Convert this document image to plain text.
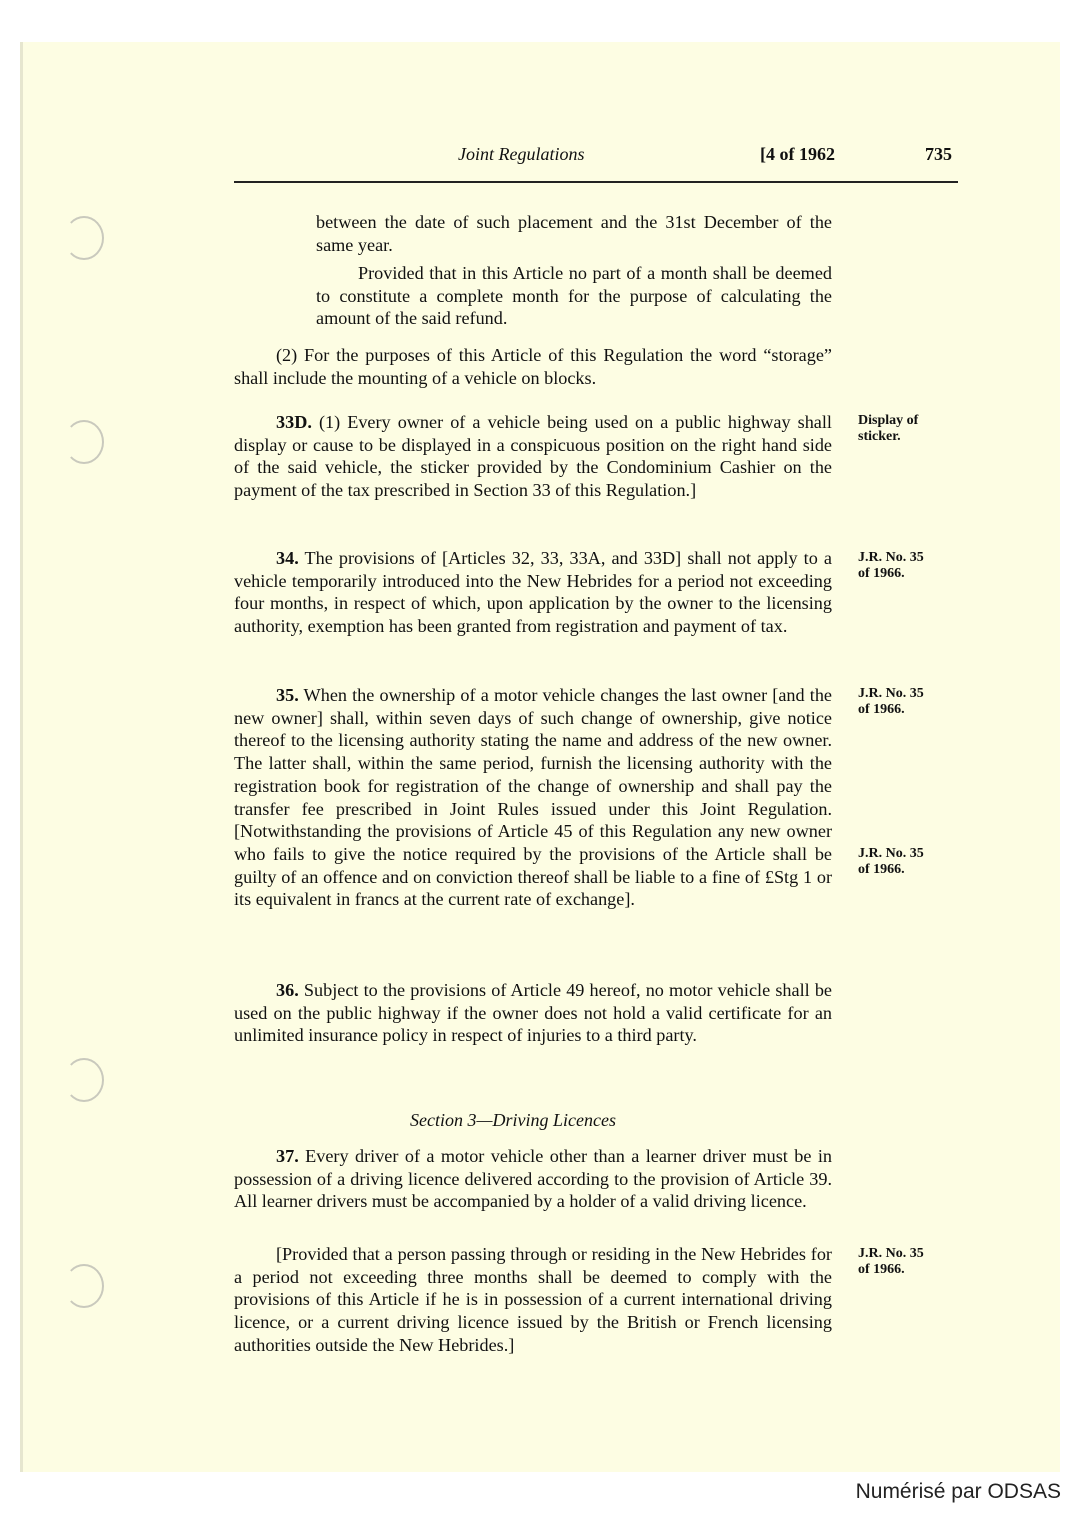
Joint Regulations	[4 of 1962	735

between the date of such placement and the 31st December of the same year.

Provided that in this Article no part of a month shall be deemed to constitute a complete month for the purpose of calculating the amount of the said refund.

(2) For the purposes of this Article of this Regulation the word “storage” shall include the mounting of a vehicle on blocks.

33D. (1) Every owner of a vehicle being used on a public highway shall display or cause to be displayed in a conspicuous position on the right hand side of the said vehicle, the sticker provided by the Condominium Cashier on the payment of the tax prescribed in Section 33 of this Regulation.]

Display of
sticker.

34. The provisions of [Articles 32, 33, 33A, and 33D] shall not apply to a vehicle temporarily introduced into the New Hebrides for a period not exceeding four months, in respect of which, upon application by the owner to the licensing authority, exemption has been granted from registration and payment of tax.

J.R. No. 35
of 1966.

35. When the ownership of a motor vehicle changes the last owner [and the new owner] shall, within seven days of such change of ownership, give notice thereof to the licensing authority stating the name and address of the new owner. The latter shall, within the same period, furnish the licensing authority with the registration book for registration of the change of ownership and shall pay the transfer fee prescribed in Joint Rules issued under this Joint Regulation. [Notwithstanding the provisions of Article 45 of this Regulation any new owner who fails to give the notice required by the provisions of the Article shall be guilty of an offence and on conviction thereof shall be liable to a fine of £Stg 1 or its equivalent in francs at the current rate of exchange].

J.R. No. 35
of 1966.
J.R. No. 35
of 1966.

36. Subject to the provisions of Article 49 hereof, no motor vehicle shall be used on the public highway if the owner does not hold a valid certificate for an unlimited insurance policy in respect of injuries to a third party.

Section 3—Driving Licences

37. Every driver of a motor vehicle other than a learner driver must be in possession of a driving licence delivered according to the provision of Article 39. All learner drivers must be accompanied by a holder of a valid driving licence.

[Provided that a person passing through or residing in the New Hebrides for a period not exceeding three months shall be deemed to comply with the provisions of this Article if he is in possession of a current international driving licence, or a current driving licence issued by the British or French licensing authorities outside the New Hebrides.]

J.R. No. 35
of 1966.
Numérisé par ODSAS
